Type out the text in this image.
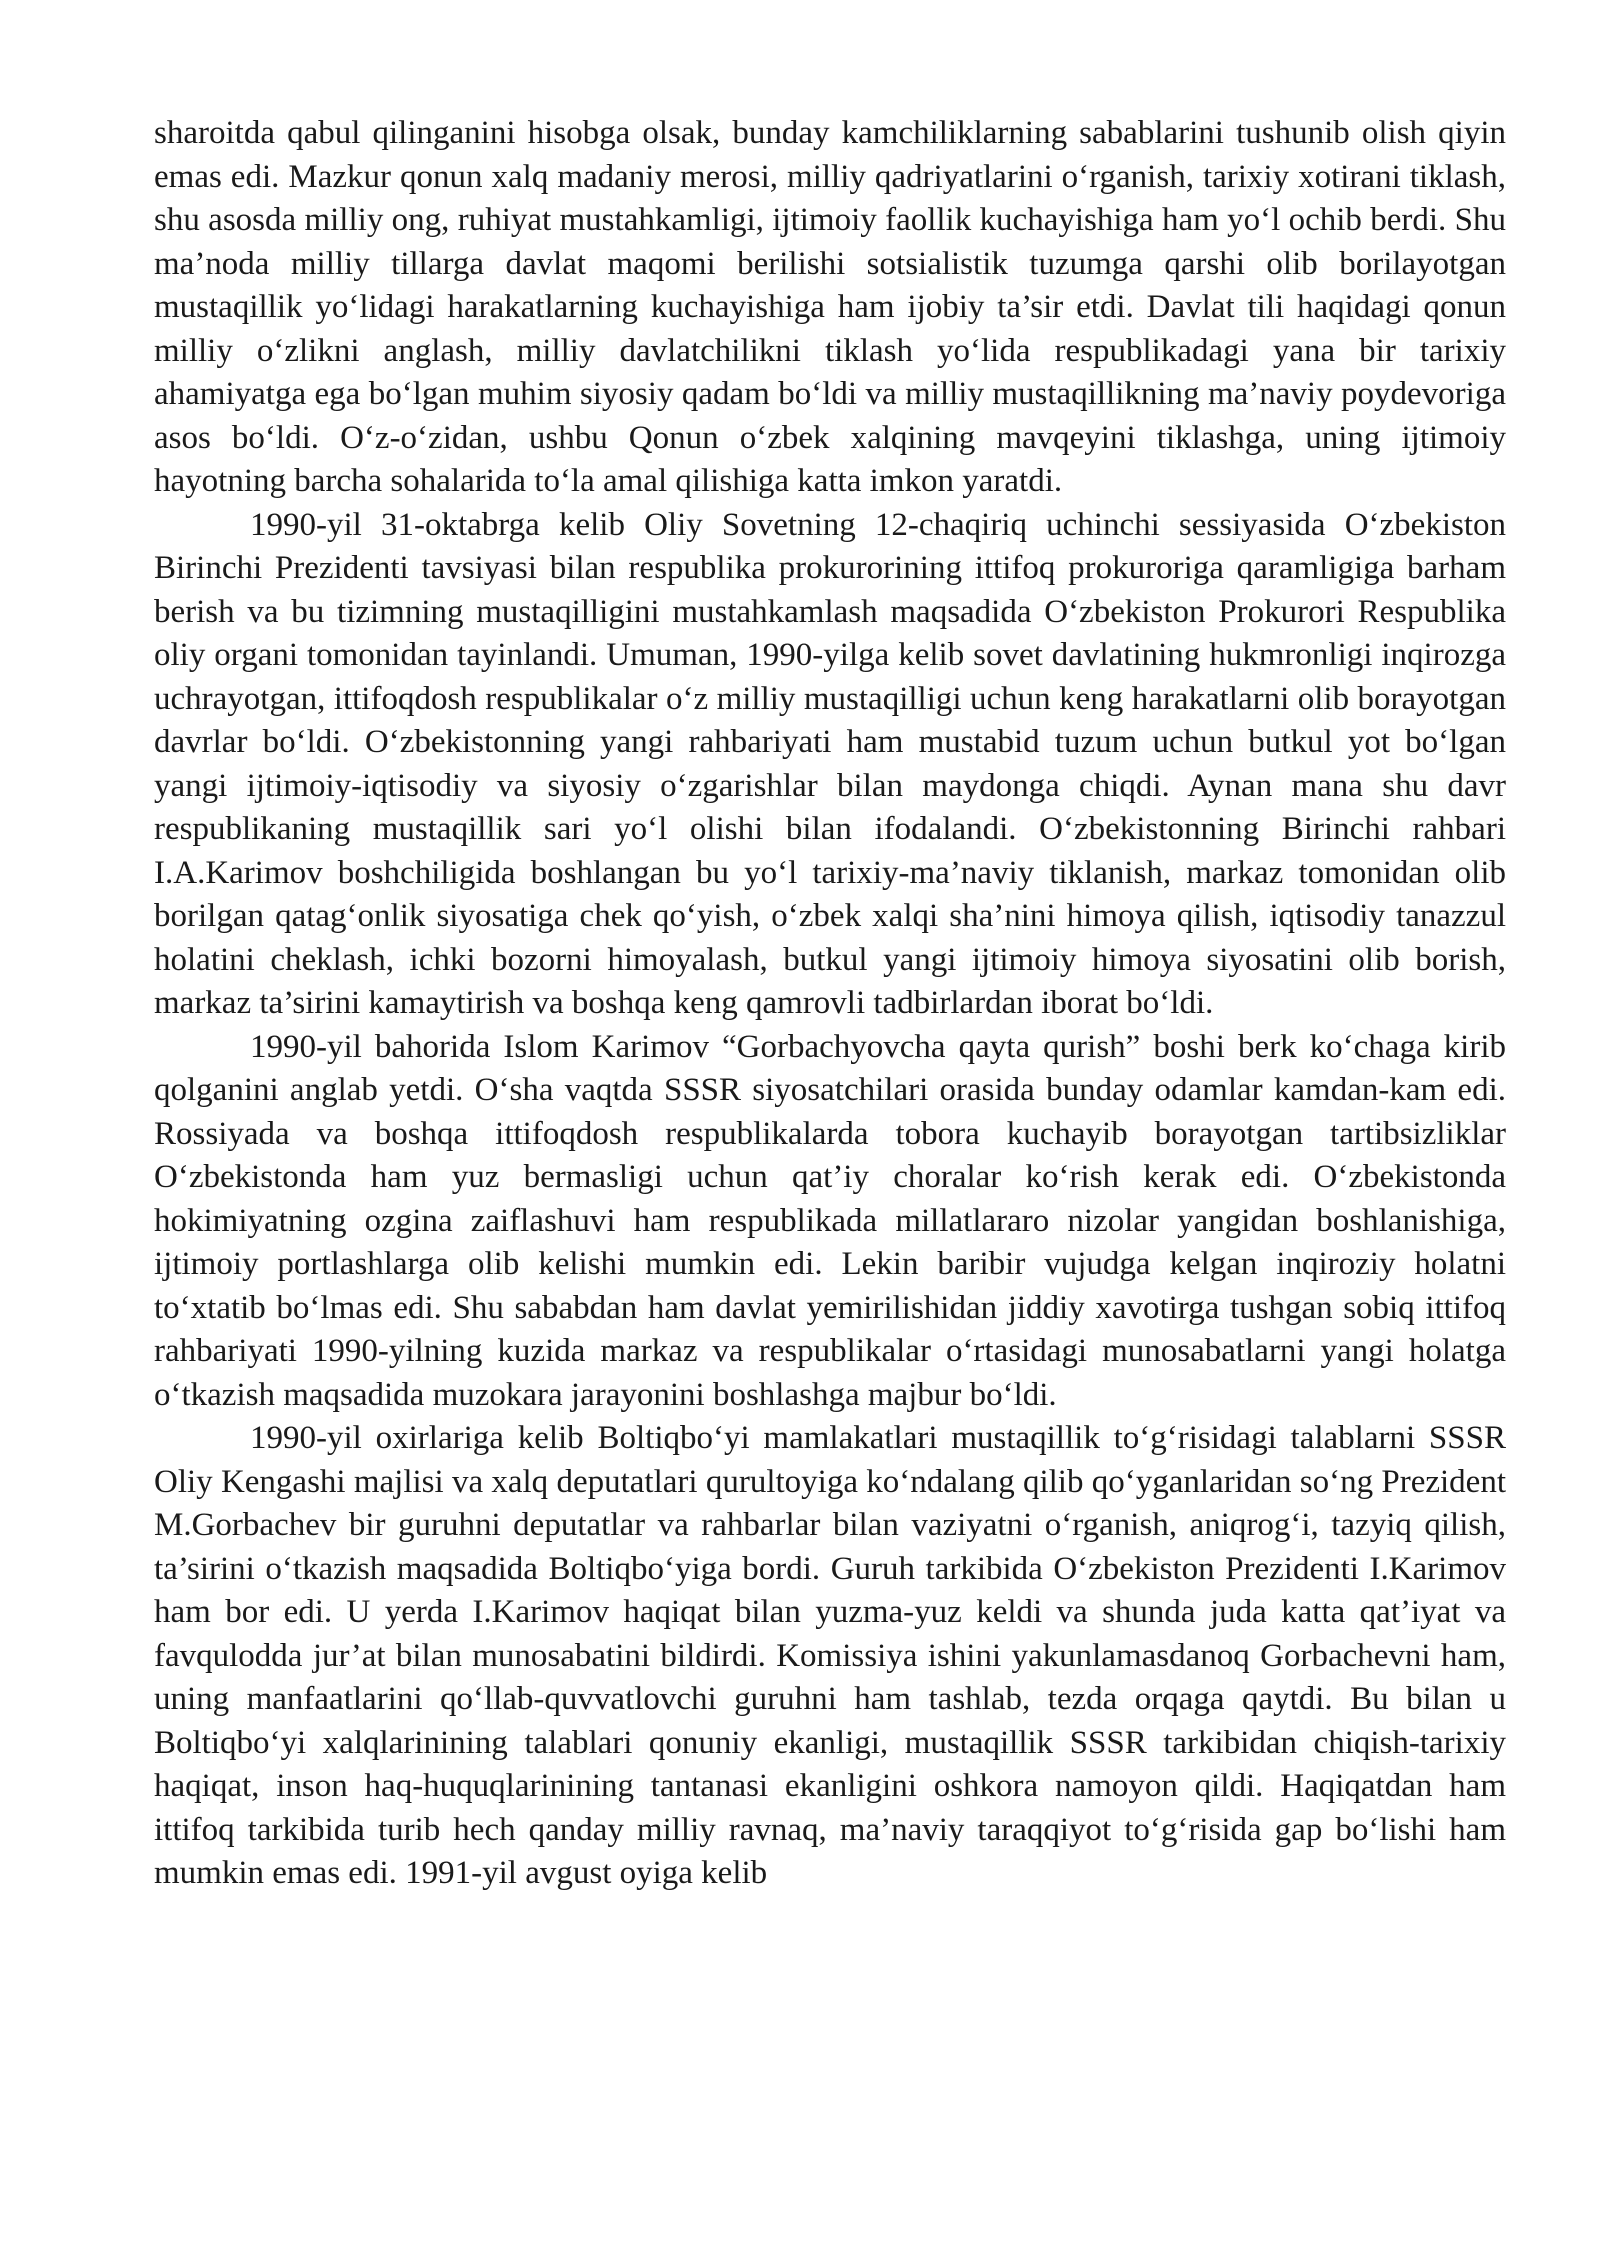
sharoitda qabul qilinganini hisobga olsak, bunday kamchiliklarning sabablarini tushunib olish qiyin emas edi. Mazkur qonun xalq madaniy merosi, milliy qadriyatlarini o‘rganish, tarixiy xotirani tiklash, shu asosda milliy ong, ruhiyat mustahkamligi, ijtimoiy faollik kuchayishiga ham yo‘l ochib berdi. Shu ma’noda milliy tillarga davlat maqomi berilishi sotsialistik tuzumga qarshi olib borilayotgan mustaqillik yo‘lidagi harakatlarning kuchayishiga ham ijobiy ta’sir etdi. Davlat tili haqidagi qonun milliy o‘zlikni anglash, milliy davlatchilikni tiklash yo‘lida respublikadagi yana bir tarixiy ahamiyatga ega bo‘lgan muhim siyosiy qadam bo‘ldi va milliy mustaqillikning ma’naviy poydevoriga asos bo‘ldi. O‘z-o‘zidan, ushbu Qonun o‘zbek xalqining mavqeyini tiklashga, uning ijtimoiy hayotning barcha sohalarida to‘la amal qilishiga katta imkon yaratdi.

1990-yil 31-oktabrga kelib Oliy Sovetning 12-chaqiriq uchinchi sessiyasida O‘zbekiston Birinchi Prezidenti tavsiyasi bilan respublika prokurorining ittifoq prokuroriga qaramligiga barham berish va bu tizimning mustaqilligini mustahkamlash maqsadida O‘zbekiston Prokurori Respublika oliy organi tomonidan tayinlandi. Umuman, 1990-yilga kelib sovet davlatining hukmronligi inqirozga uchrayotgan, ittifoqdosh respublikalar o‘z milliy mustaqilligi uchun keng harakatlarni olib borayotgan davrlar bo‘ldi. O‘zbekistonning yangi rahbariyati ham mustabid tuzum uchun butkul yot bo‘lgan yangi ijtimoiy-iqtisodiy va siyosiy o‘zgarishlar bilan maydonga chiqdi. Aynan mana shu davr respublikaning mustaqillik sari yo‘l olishi bilan ifodalandi. O‘zbekistonning Birinchi rahbari I.A.Karimov boshchiligida boshlangan bu yo‘l tarixiy-ma’naviy tiklanish, markaz tomonidan olib borilgan qatag‘onlik siyosatiga chek qo‘yish, o‘zbek xalqi sha’nini himoya qilish, iqtisodiy tanazzul holatini cheklash, ichki bozorni himoyalash, butkul yangi ijtimoiy himoya siyosatini olib borish, markaz ta’sirini kamaytirish va boshqa keng qamrovli tadbirlardan iborat bo‘ldi.

1990-yil bahorida Islom Karimov “Gorbachyovcha qayta qurish” boshi berk ko‘chaga kirib qolganini anglab yetdi. O‘sha vaqtda SSSR siyosatchilari orasida bunday odamlar kamdan-kam edi. Rossiyada va boshqa ittifoqdosh respublikalarda tobora kuchayib borayotgan tartibsizliklar O‘zbekistonda ham yuz bermasligi uchun qat’iy choralar ko‘rish kerak edi. O‘zbekistonda hokimiyatning ozgina zaiflashuvi ham respublikada millatlararo nizolar yangidan boshlanishiga, ijtimoiy portlashlarga olib kelishi mumkin edi. Lekin baribir vujudga kelgan inqiroziy holatni to‘xtatib bo‘lmas edi. Shu sababdan ham davlat yemirilishidan jiddiy xavotirga tushgan sobiq ittifoq rahbariyati 1990-yilning kuzida markaz va respublikalar o‘rtasidagi munosabatlarni yangi holatga o‘tkazish maqsadida muzokara jarayonini boshlashga majbur bo‘ldi.

1990-yil oxirlariga kelib Boltiqbo‘yi mamlakatlari mustaqillik to‘g‘risidagi talablarni SSSR Oliy Kengashi majlisi va xalq deputatlari qurultoyiga ko‘ndalang qilib qo‘yganlaridan so‘ng Prezident M.Gorbachev bir guruhni deputatlar va rahbarlar bilan vaziyatni o‘rganish, aniqrog‘i, tazyiq qilish, ta’sirini o‘tkazish maqsadida Boltiqbo‘yiga bordi. Guruh tarkibida O‘zbekiston Prezidenti I.Karimov ham bor edi. U yerda I.Karimov haqiqat bilan yuzma-yuz keldi va shunda juda katta qat’iyat va favqulodda jur’at bilan munosabatini bildirdi. Komissiya ishini yakunlamasdanoq Gorbachevni ham, uning manfaatlarini qo‘llab-quvvatlovchi guruhni ham tashlab, tezda orqaga qaytdi. Bu bilan u Boltiqbo‘yi xalqlarinining talablari qonuniy ekanligi, mustaqillik SSSR tarkibidan chiqish-tarixiy haqiqat, inson haq-huquqlarinining tantanasi ekanligini oshkora namoyon qildi. Haqiqatdan ham ittifoq tarkibida turib hech qanday milliy ravnaq, ma’naviy taraqqiyot to‘g‘risida gap bo‘lishi ham mumkin emas edi. 1991-yil avgust oyiga kelib
